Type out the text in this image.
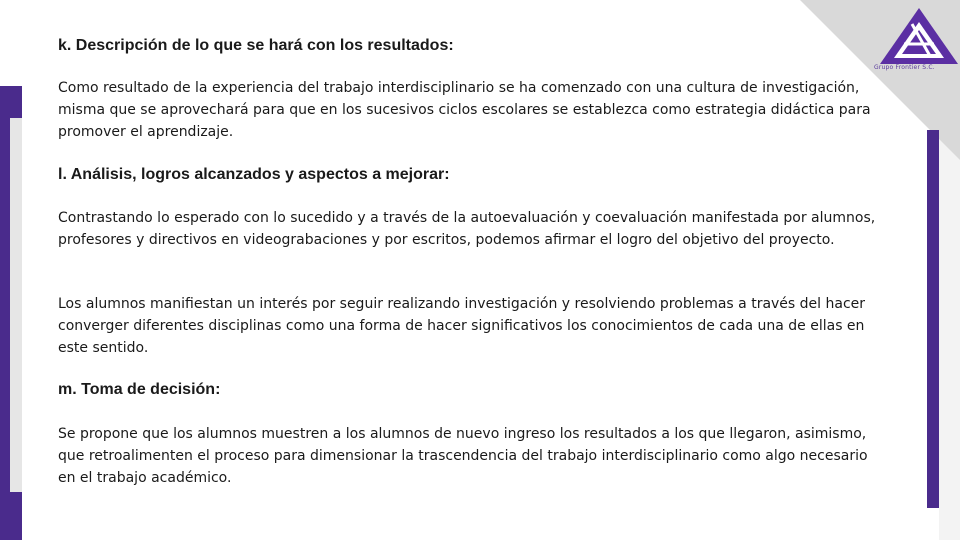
Grupo Frontier S.C.
k. Descripción de lo que se hará con los resultados:

Como resultado de la experiencia del trabajo interdisciplinario se ha comenzado con una cultura de investigación, misma que se aprovechará para que en los sucesivos ciclos escolares se establezca como estrategia didáctica para promover el aprendizaje.

l. Análisis, logros alcanzados y aspectos a mejorar:

Contrastando lo esperado con lo sucedido y a través de la autoevaluación y coevaluación manifestada por alumnos, profesores y directivos en videograbaciones y por escritos, podemos afirmar el logro del objetivo del proyecto.

Los alumnos manifiestan un interés por seguir realizando investigación y resolviendo problemas a través del hacer converger diferentes disciplinas como una forma de hacer significativos los conocimientos de cada una de ellas en este sentido.

m. Toma de decisión:

Se propone que los alumnos muestren a los alumnos de nuevo ingreso los resultados a los que llegaron, asimismo, que retroalimenten el proceso para dimensionar la trascendencia del trabajo interdisciplinario como algo necesario en el trabajo académico.
